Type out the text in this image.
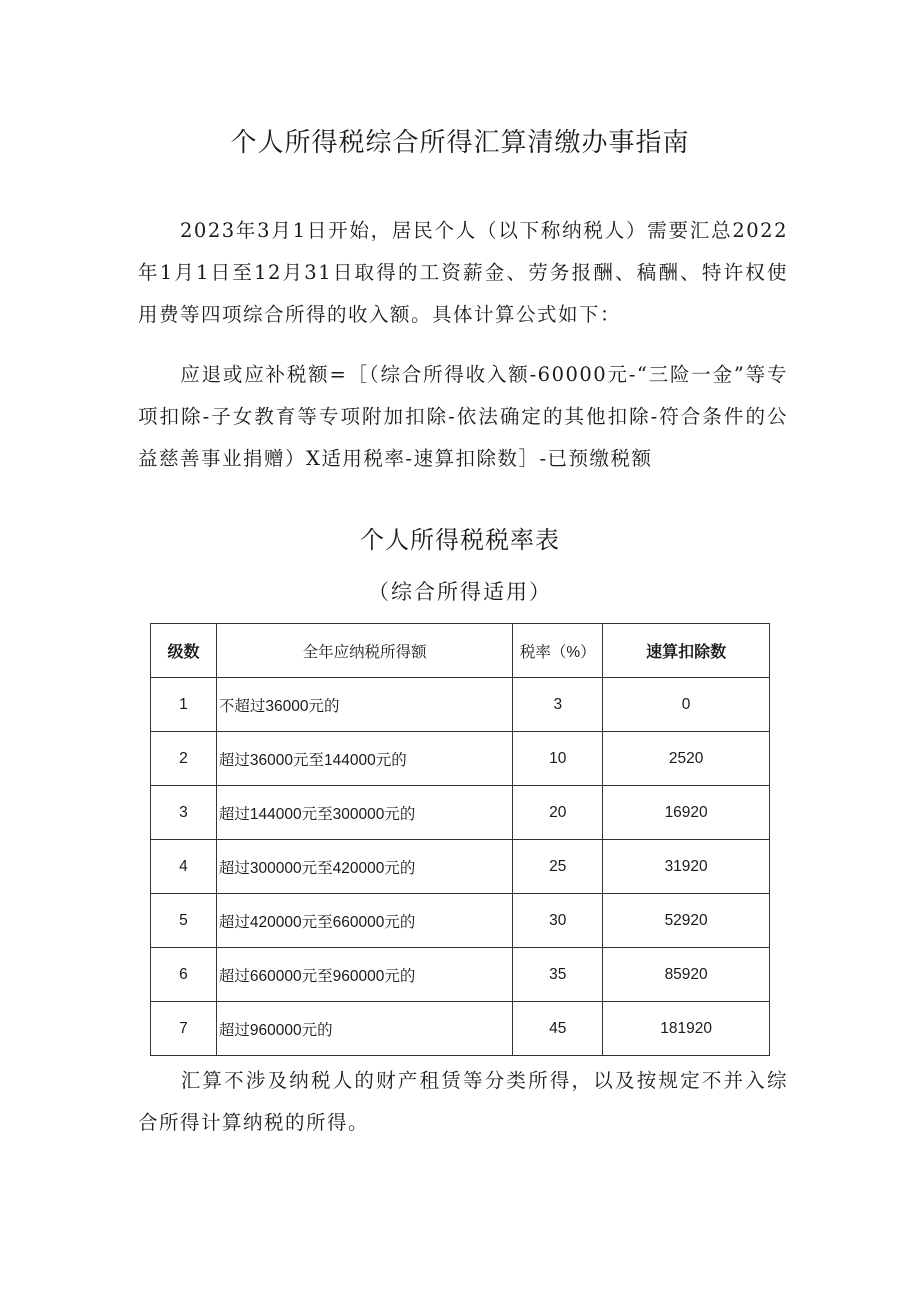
个人所得税综合所得汇算清缴办事指南
2023年3月1日开始，居民个人（以下称纳税人）需要汇总2022年1月1日至12月31日取得的工资薪金、劳务报酬、稿酬、特许权使用费等四项综合所得的收入额。具体计算公式如下：
应退或应补税额=［（综合所得收入额-60000元-“三险一金”等专项扣除-子女教育等专项附加扣除-依法确定的其他扣除-符合条件的公益慈善事业捐赠）X适用税率-速算扣除数］-已预缴税额
个人所得税税率表
（综合所得适用）
级数	全年应纳税所得额	税率（%）	速算扣除数
1	不超过36000元的	3	0
2	超过36000元至144000元的	10	2520
3	超过144000元至300000元的	20	16920
4	超过300000元至420000元的	25	31920
5	超过420000元至660000元的	30	52920
6	超过660000元至960000元的	35	85920
7	超过960000元的	45	181920
汇算不涉及纳税人的财产租赁等分类所得，以及按规定不并入综合所得计算纳税的所得。
